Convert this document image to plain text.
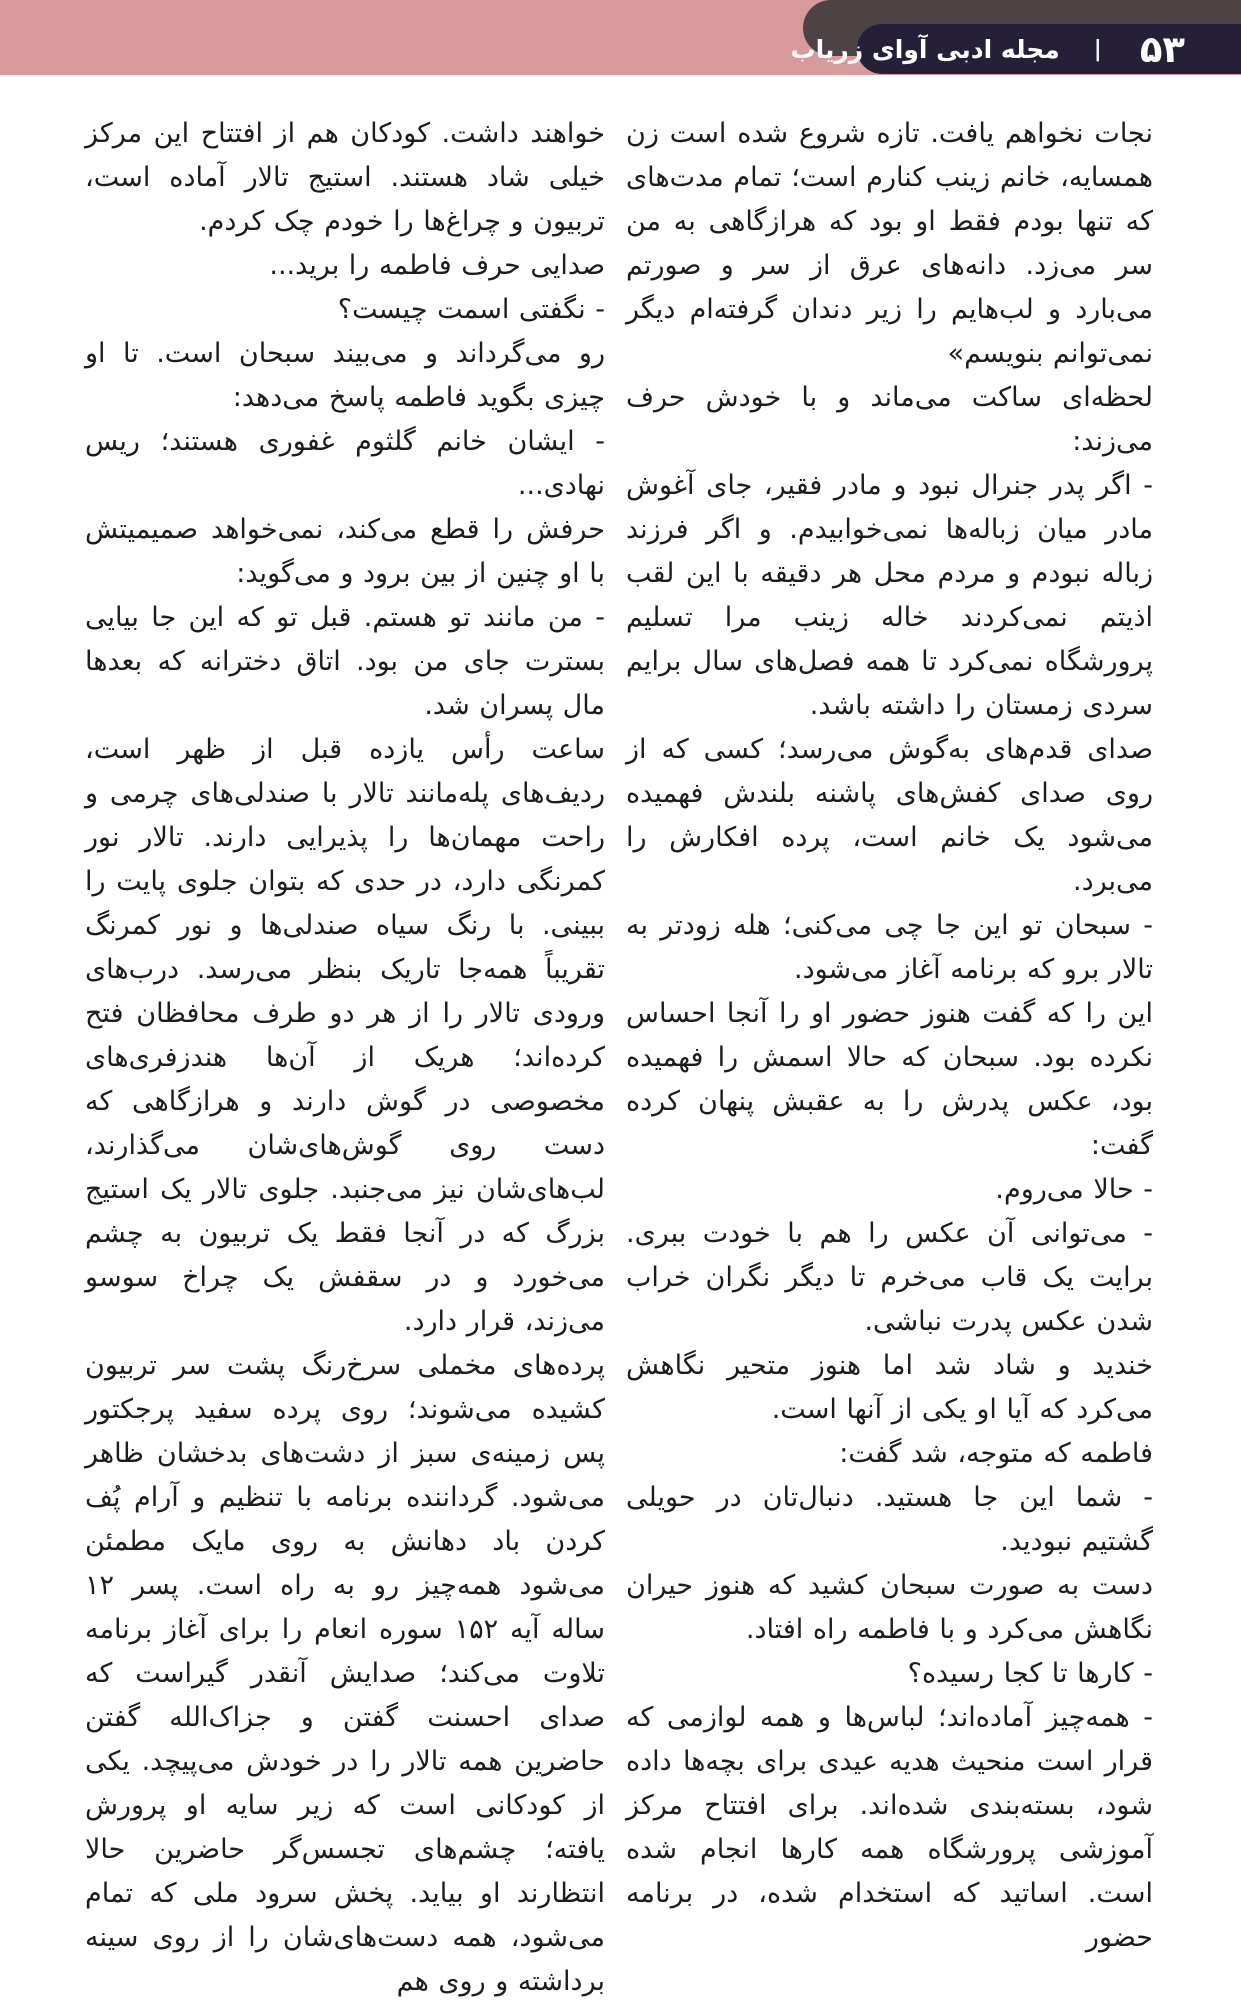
۵۳
|
مجله ادبی آوای زریاب

نجات نخواهم یافت. تازه شروع شده است زن همسایه، خانم زینب کنارم است؛ تمام مدت‌های که تنها بودم فقط او بود که هرازگاهی به من سر می‌زد. دانه‌های عرق از سر و صورتم می‌بارد و لب‌هایم را زیر دندان گرفته‌ام دیگر نمی‌توانم بنویسم»

لحظه‌ای ساکت می‌ماند و با خودش حرف می‌زند:

- اگر پدر جنرال نبود و مادر فقیر، جای آغوش مادر میان زباله‌ها نمی‌خوابیدم. و اگر فرزند زباله نبودم و مردم محل هر دقیقه با این لقب اذیتم نمی‌کردند خاله زینب مرا تسلیم پرورشگاه نمی‌کرد تا همه فصل‌های سال برایم سردی زمستان را داشته باشد.

صدای قدم‌های به‌گوش می‌رسد؛ کسی که از روی صدای کفش‌های پاشنه بلندش فهمیده می‌شود یک خانم است، پرده افکارش را می‌برد.

- سبحان تو این جا چی می‌کنی؛ هله زودتر به تالار برو که برنامه آغاز می‌شود.

این را که گفت هنوز حضور او را آنجا احساس نکرده بود. سبحان که حالا اسمش را فهمیده بود، عکس پدرش را به عقبش پنهان کرده گفت:

- حالا می‌روم.

- می‌توانی آن عکس را هم با خودت ببری. برایت یک قاب می‌خرم تا دیگر نگران خراب شدن عکس پدرت نباشی.

خندید و شاد شد اما هنوز متحیر نگاهش می‌کرد که آیا او یکی از آنها است.

فاطمه که متوجه، شد گفت:

- شما این جا هستید. دنبال‌تان در حویلی گشتیم نبودید.

دست به صورت سبحان کشید که هنوز حیران نگاهش می‌کرد و با فاطمه راه افتاد.

- کارها تا کجا رسیده؟

- همه‌چیز آماده‌اند؛ لباس‌ها و همه لوازمی که قرار است منحیث هدیه عیدی برای بچه‌ها داده شود، بسته‌بندی شده‌اند. برای افتتاح مرکز آموزشی پرورشگاه همه کارها انجام شده است. اساتید که استخدام شده، در برنامه حضور

خواهند داشت. کودکان هم از افتتاح این مرکز خیلی شاد هستند. استیج تالار آماده است، تربیون و چراغ‌ها را خودم چک کردم.

صدایی حرف فاطمه را برید...

- نگفتی اسمت چیست؟

رو می‌گرداند و می‌بیند سبحان است. تا او چیزی بگوید فاطمه پاسخ می‌دهد:

- ایشان خانم گلثوم غفوری هستند؛ ریس نهادی...

حرفش را قطع می‌کند، نمی‌خواهد صمیمیتش با او چنین از بین برود و می‌گوید:

- من مانند تو هستم. قبل تو که این جا بیایی بسترت جای من بود. اتاق دخترانه که بعدها مال پسران شد.

ساعت رأس یازده قبل از ظهر است، ردیف‌های پله‌مانند تالار با صندلی‌های چرمی و راحت مهمان‌ها را پذیرایی دارند. تالار نور کمرنگی دارد، در حدی که بتوان جلوی پایت را ببینی. با رنگ سیاه صندلی‌ها و نور کمرنگ تقریباً همه‌جا تاریک بنظر می‌رسد. درب‌های ورودی تالار را از هر دو طرف محافظان فتح کرده‌اند؛ هریک از آن‌ها هندزفری‌های مخصوصی در گوش دارند و هرازگاهی که دست روی گوش‌های‌شان می‌گذارند، لب‌های‌شان نیز می‌جنبد. جلوی تالار یک استیج بزرگ که در آنجا فقط یک تربیون به چشم می‌خورد و در سقفش یک چراخ سوسو می‌زند، قرار دارد.

پرده‌های مخملی سرخ‌رنگ پشت سر تربیون کشیده می‌شوند؛ روی پرده سفید پرجکتور پس زمینه‌ی سبز از دشت‌های بدخشان ظاهر می‌شود. گرداننده برنامه با تنظیم و آرام پُف کردن باد دهانش به روی مایک مطمئن می‌شود همه‌چیز رو به راه است. پسر ۱۲ ساله آیه ۱۵۲ سوره انعام را برای آغاز برنامه تلاوت می‌کند؛ صدایش آنقدر گیراست که صدای احسنت گفتن و جزاک‌الله گفتن حاضرین همه تالار را در خودش می‌پیچد. یکی از کودکانی است که زیر سایه او پرورش یافته؛ چشم‌های تجسس‌گر حاضرین حالا انتظارند او بیاید. پخش سرود ملی که تمام می‌شود، همه دست‌های‌شان را از روی سینه برداشته و روی هم
